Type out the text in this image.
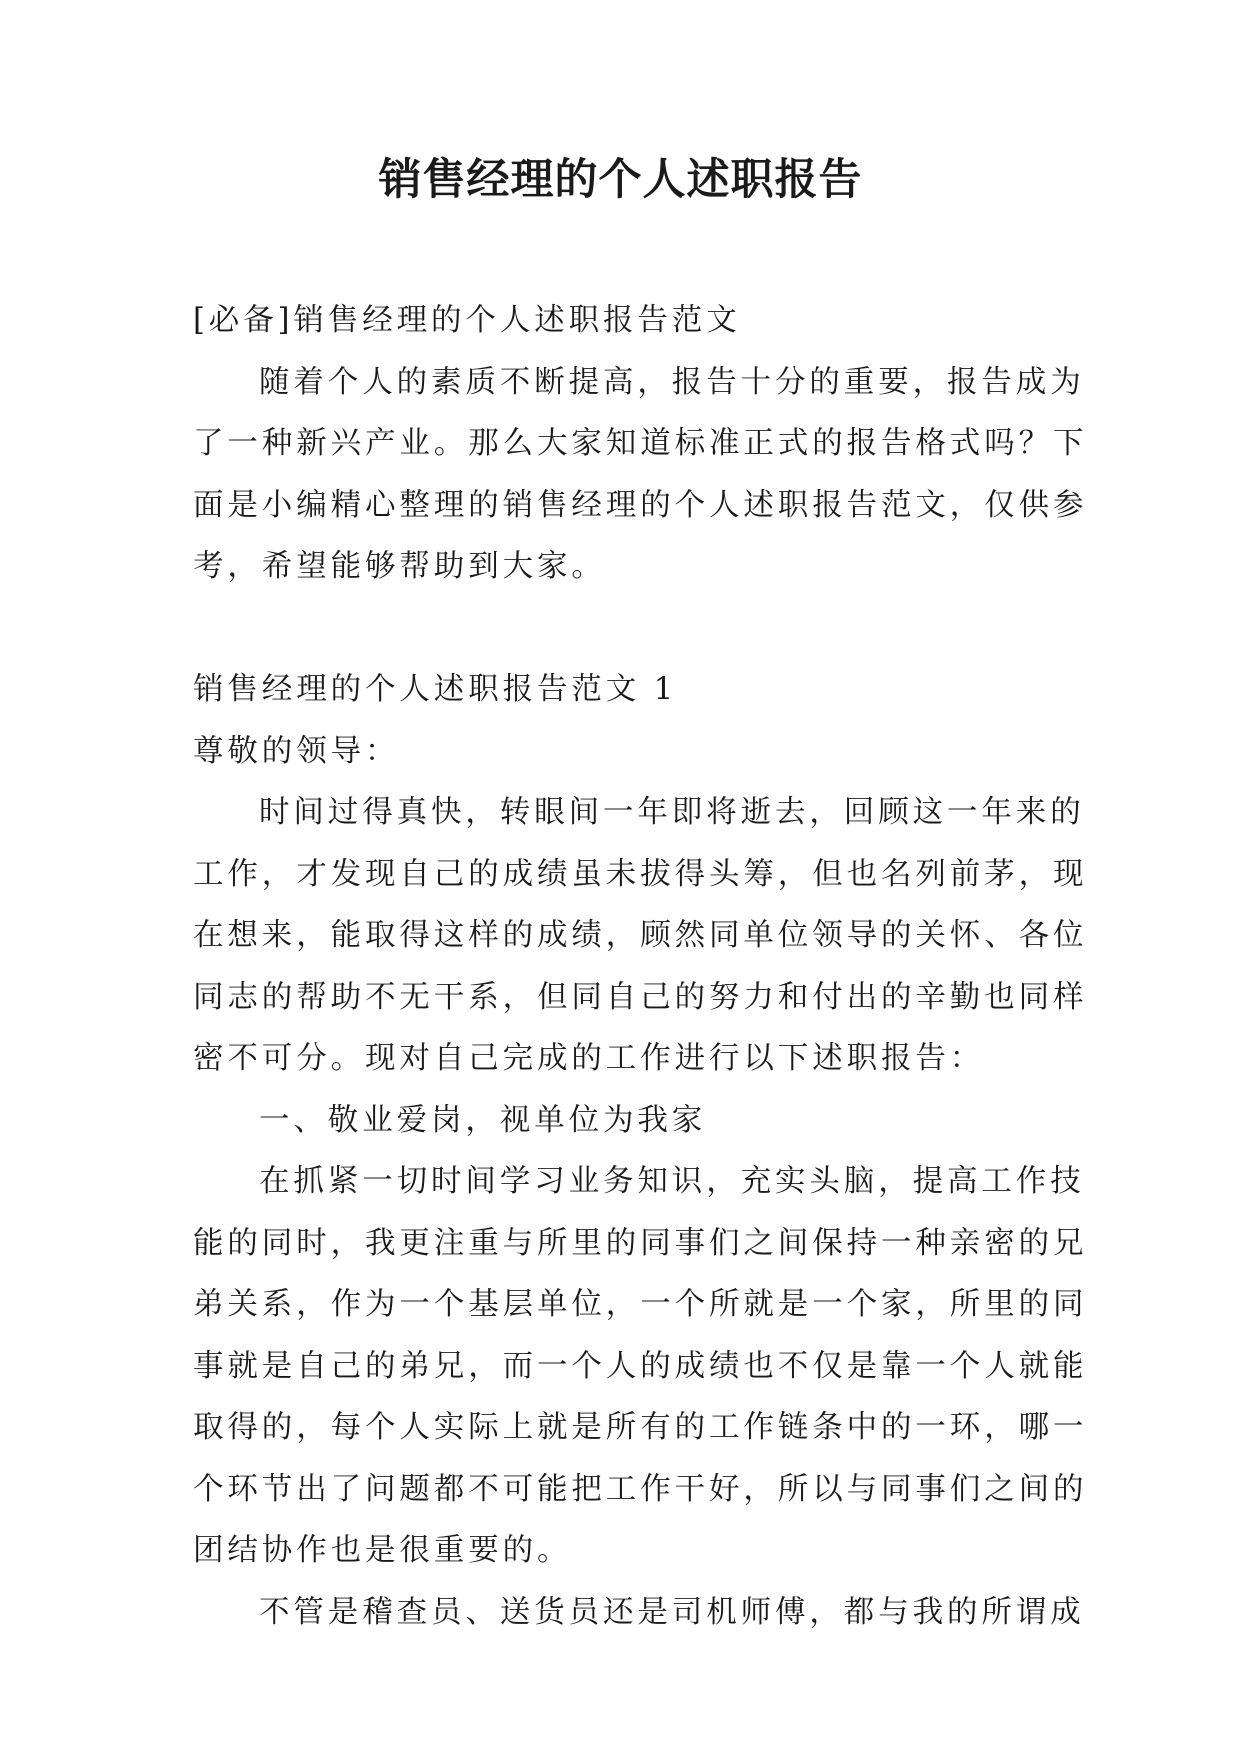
销售经理的个人述职报告
[必备]销售经理的个人述职报告范文
随着个人的素质不断提高，报告十分的重要，报告成为
了一种新兴产业。那么大家知道标准正式的报告格式吗？下
面是小编精心整理的销售经理的个人述职报告范文，仅供参
考，希望能够帮助到大家。
销售经理的个人述职报告范文 1
尊敬的领导：
时间过得真快，转眼间一年即将逝去，回顾这一年来的
工作，才发现自己的成绩虽未拔得头筹，但也名列前茅，现
在想来，能取得这样的成绩，顾然同单位领导的关怀、各位
同志的帮助不无干系，但同自己的努力和付出的辛勤也同样
密不可分。现对自己完成的工作进行以下述职报告：
一、敬业爱岗，视单位为我家
在抓紧一切时间学习业务知识，充实头脑，提高工作技
能的同时，我更注重与所里的同事们之间保持一种亲密的兄
弟关系，作为一个基层单位，一个所就是一个家，所里的同
事就是自己的弟兄，而一个人的成绩也不仅是靠一个人就能
取得的，每个人实际上就是所有的工作链条中的一环，哪一
个环节出了问题都不可能把工作干好，所以与同事们之间的
团结协作也是很重要的。
不管是稽查员、送货员还是司机师傅，都与我的所谓成
